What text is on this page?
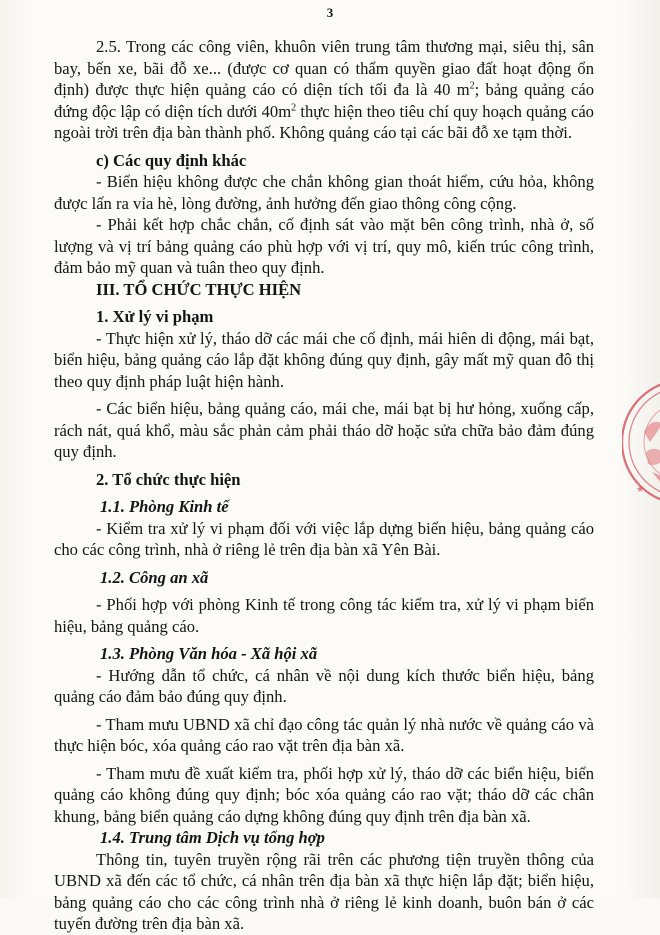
3

2.5. Trong các công viên, khuôn viên trung tâm thương mại, siêu thị, sân bay, bến xe, bãi đỗ xe... (được cơ quan có thẩm quyền giao đất hoạt động ổn định) được thực hiện quảng cáo có diện tích tối đa là 40 $m^2$; bảng quảng cáo đứng độc lập có diện tích dưới $40m^2$ thực hiện theo tiêu chí quy hoạch quảng cáo ngoài trời trên địa bàn thành phố. Không quảng cáo tại các bãi đỗ xe tạm thời.

c) Các quy định khác

- Biển hiệu không được che chắn không gian thoát hiểm, cứu hỏa, không được lấn ra vỉa hè, lòng đường, ảnh hưởng đến giao thông công cộng.

- Phải kết hợp chắc chắn, cố định sát vào mặt bên công trình, nhà ở, số lượng và vị trí bảng quảng cáo phù hợp với vị trí, quy mô, kiến trúc công trình, đảm bảo mỹ quan và tuân theo quy định.

III. TỔ CHỨC THỰC HIỆN

1. Xử lý vi phạm

- Thực hiện xử lý, tháo dỡ các mái che cố định, mái hiên di động, mái bạt, biển hiệu, bảng quảng cáo lắp đặt không đúng quy định, gây mất mỹ quan đô thị theo quy định pháp luật hiện hành.

- Các biển hiệu, bảng quảng cáo, mái che, mái bạt bị hư hỏng, xuống cấp, rách nát, quá khổ, màu sắc phản cảm phải tháo dỡ hoặc sửa chữa bảo đảm đúng quy định.

2. Tổ chức thực hiện

1.1. Phòng Kinh tế

- Kiểm tra xử lý vi phạm đối với việc lắp dựng biển hiệu, bảng quảng cáo cho các công trình, nhà ở riêng lẻ trên địa bàn xã Yên Bài.

1.2. Công an xã

- Phối hợp với phòng Kinh tế trong công tác kiểm tra, xử lý vi phạm biển hiệu, bảng quảng cáo.

1.3. Phòng Văn hóa - Xã hội xã

- Hướng dẫn tổ chức, cá nhân về nội dung kích thước biển hiệu, bảng quảng cáo đảm bảo đúng quy định.

- Tham mưu UBND xã chỉ đạo công tác quản lý nhà nước về quảng cáo và thực hiện bóc, xóa quảng cáo rao vặt trên địa bàn xã.

- Tham mưu đề xuất kiểm tra, phối hợp xử lý, tháo dỡ các biển hiệu, biển quảng cáo không đúng quy định; bóc xóa quảng cáo rao vặt; tháo dỡ các chân khung, bảng biển quảng cáo dựng không đúng quy định trên địa bàn xã.

1.4. Trung tâm Dịch vụ tổng hợp

Thông tin, tuyên truyền rộng rãi trên các phương tiện truyền thông của UBND xã đến các tổ chức, cá nhân trên địa bàn xã thực hiện lắp đặt; biển hiệu, bảng quảng cáo cho các công trình nhà ở riêng lẻ kinh doanh, buôn bán ở các tuyến đường trên địa bàn xã.

★
